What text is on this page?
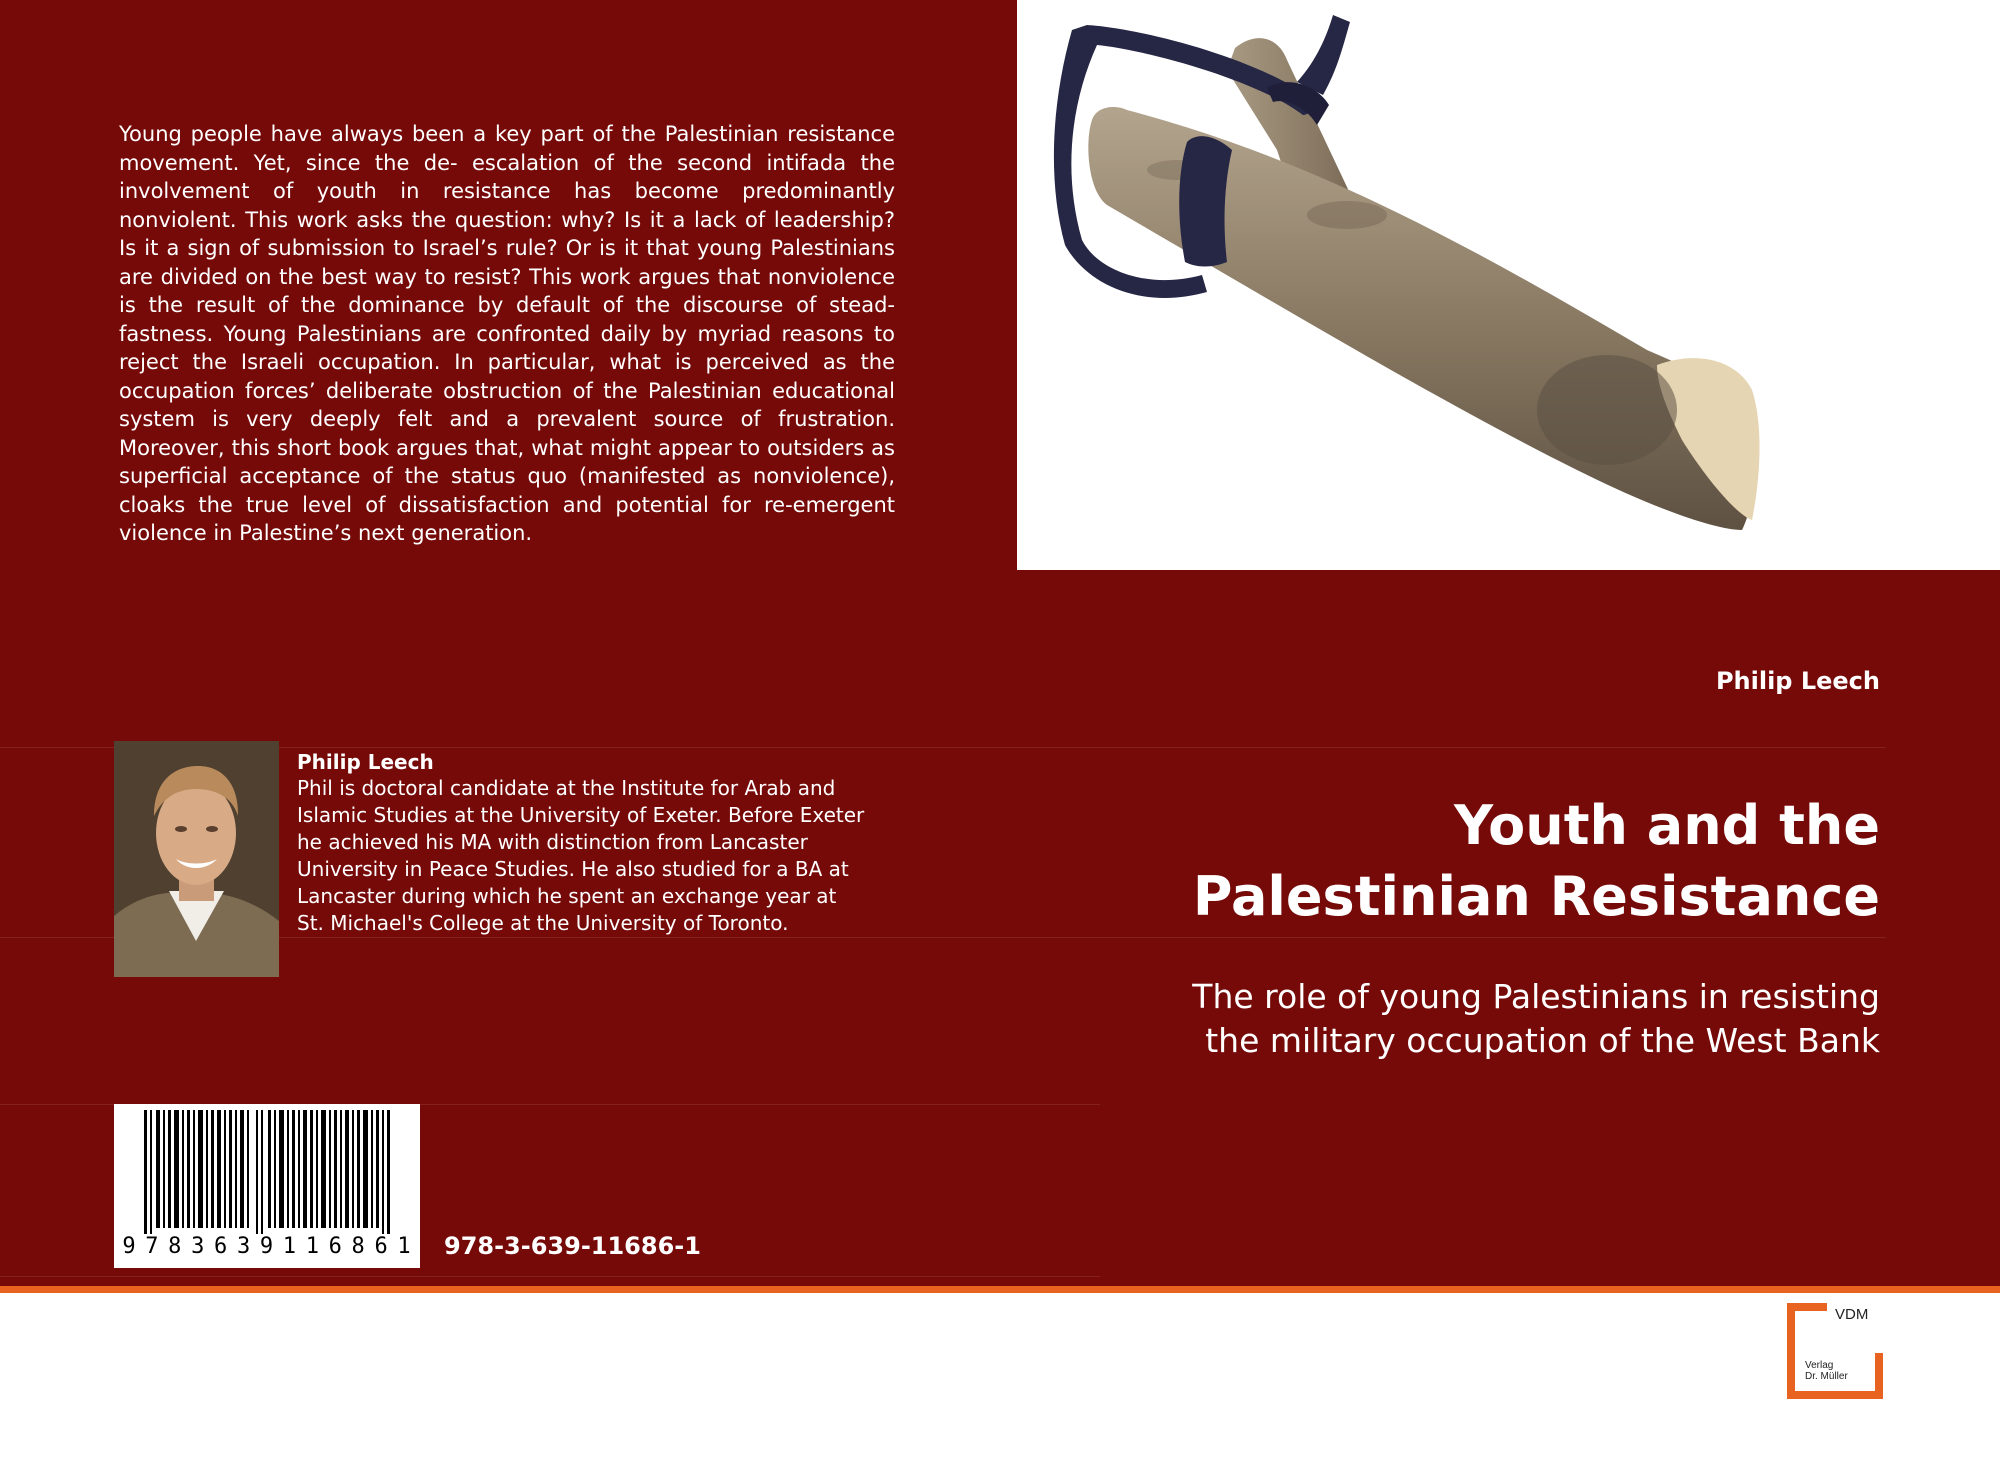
Young people have always been a key part of the Palestinian resistance movement. Yet, since the de- escalation of the second intifada the involvement of youth in resistance has become predominantly nonviolent. This work asks the question: why? Is it a lack of leadership? Is it a sign of submission to Israel’s rule? Or is it that young Palestinians are divided on the best way to resist? This work argues that nonviolence is the result of the dominance by default of the discourse of stead- fastness. Young Palestinians are confronted daily by myriad reasons to reject the Israeli occupation. In particular, what is perceived as the occupation forces’ deliberate obstruction of the Palestinian educational system is very deeply felt and a prevalent source of frustration. Moreover, this short book argues that, what might appear to outsiders as superficial acceptance of the status quo (manifested as nonviolence), cloaks the true level of dissatisfaction and potential for re-emergent violence in Palestine’s next generation.

Philip Leech
Youth and the
Palestinian Resistance

The role of young Palestinians in resisting
the military occupation of the West Bank

Philip Leech

Phil is doctoral candidate at the Institute for Arab and Islamic Studies at the University of Exeter. Before Exeter he achieved his MA with distinction from Lancaster University in Peace Studies. He also studied for a BA at Lancaster during which he spent an exchange year at St. Michael's College at the University of Toronto.

9 7 8 3 6 3 9 1 1 6 8 6 1 978-3-639-11686-1
VDM
Verlag
Dr. Müller
